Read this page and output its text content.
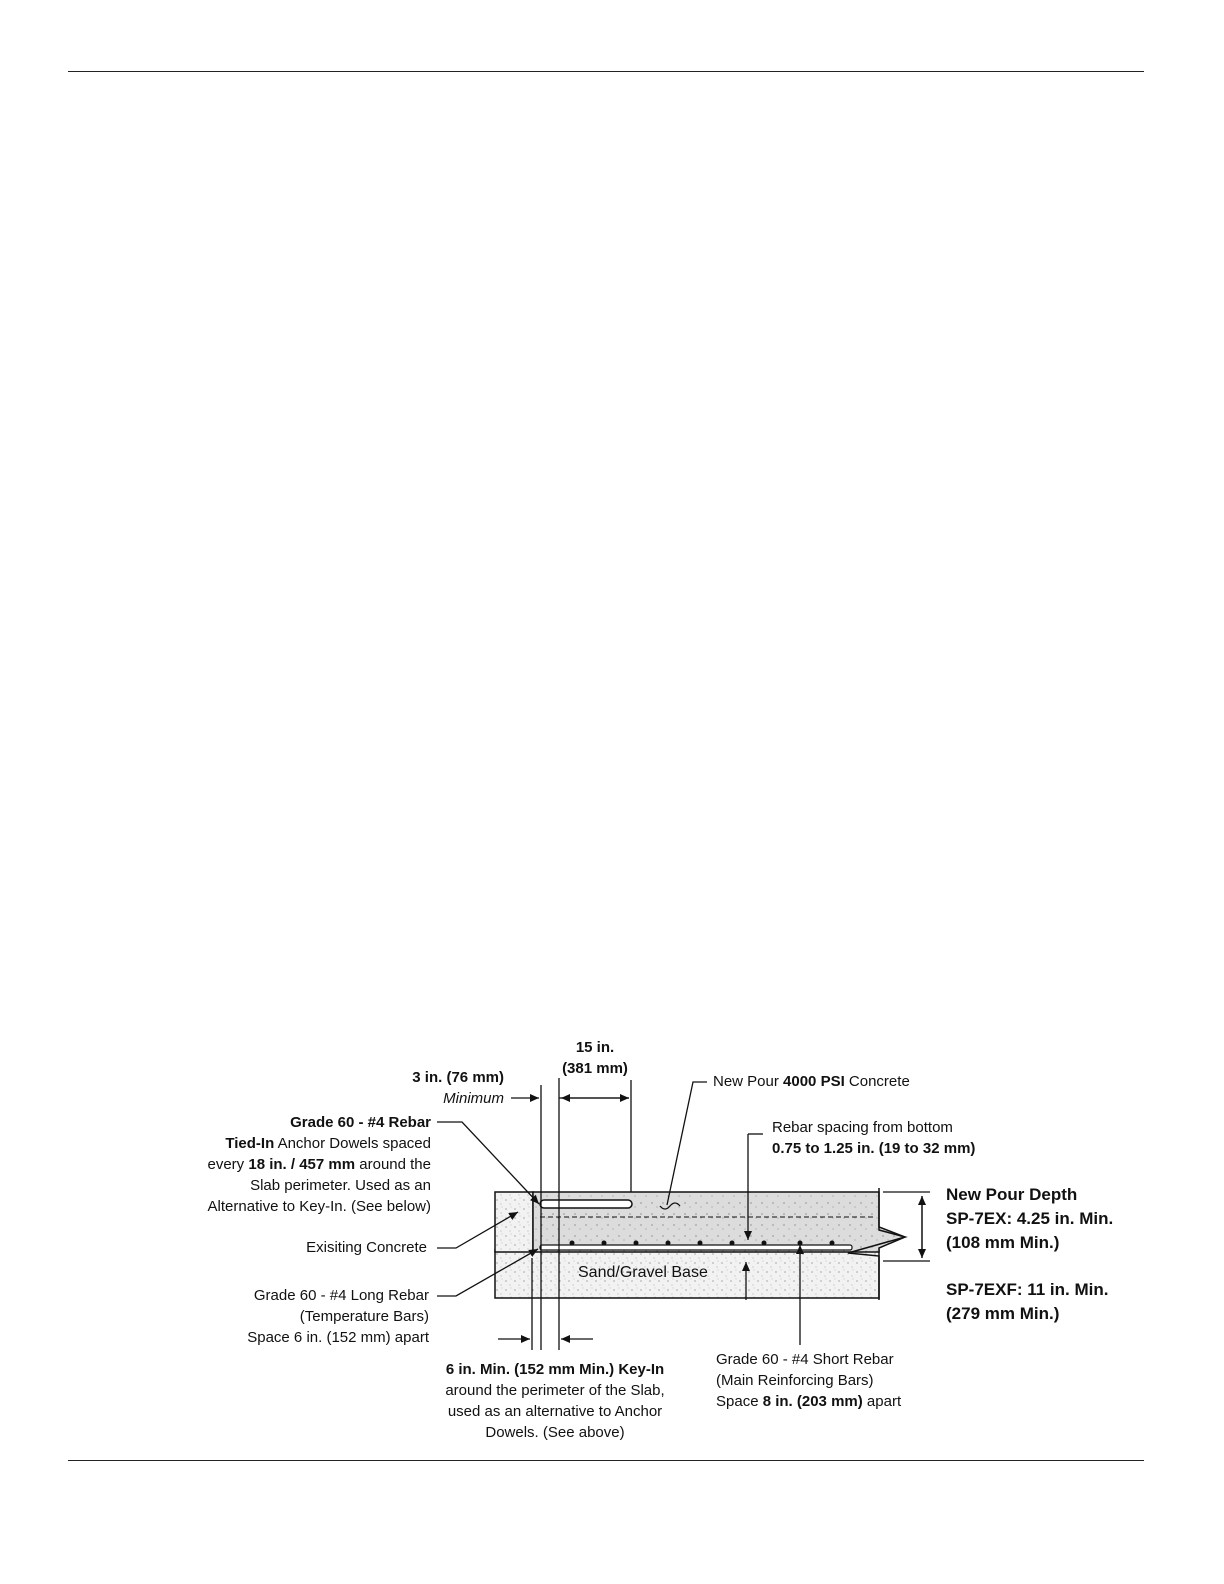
15 in.
(381 mm)
3 in. (76 mm)
Minimum
New Pour 4000 PSI Concrete
Rebar spacing from bottom
0.75 to 1.25 in. (19 to 32 mm)
Grade 60 - #4 Rebar
Tied-In Anchor Dowels spaced
every 18 in. / 457 mm around the
Slab perimeter. Used as an
Alternative to Key-In. (See below)
Exisiting Concrete
Grade 60 - #4 Long Rebar
(Temperature Bars)
Space 6 in. (152 mm) apart
Sand/Gravel Base
6 in. Min. (152 mm Min.) Key-In
around the perimeter of the Slab,
used as an alternative to Anchor
Dowels. (See above)
Grade 60 - #4 Short Rebar
(Main Reinforcing Bars)
Space 8 in. (203 mm) apart
New Pour Depth
SP-7EX: 4.25 in. Min.
(108 mm Min.)
SP-7EXF: 11 in. Min.
(279 mm Min.)
